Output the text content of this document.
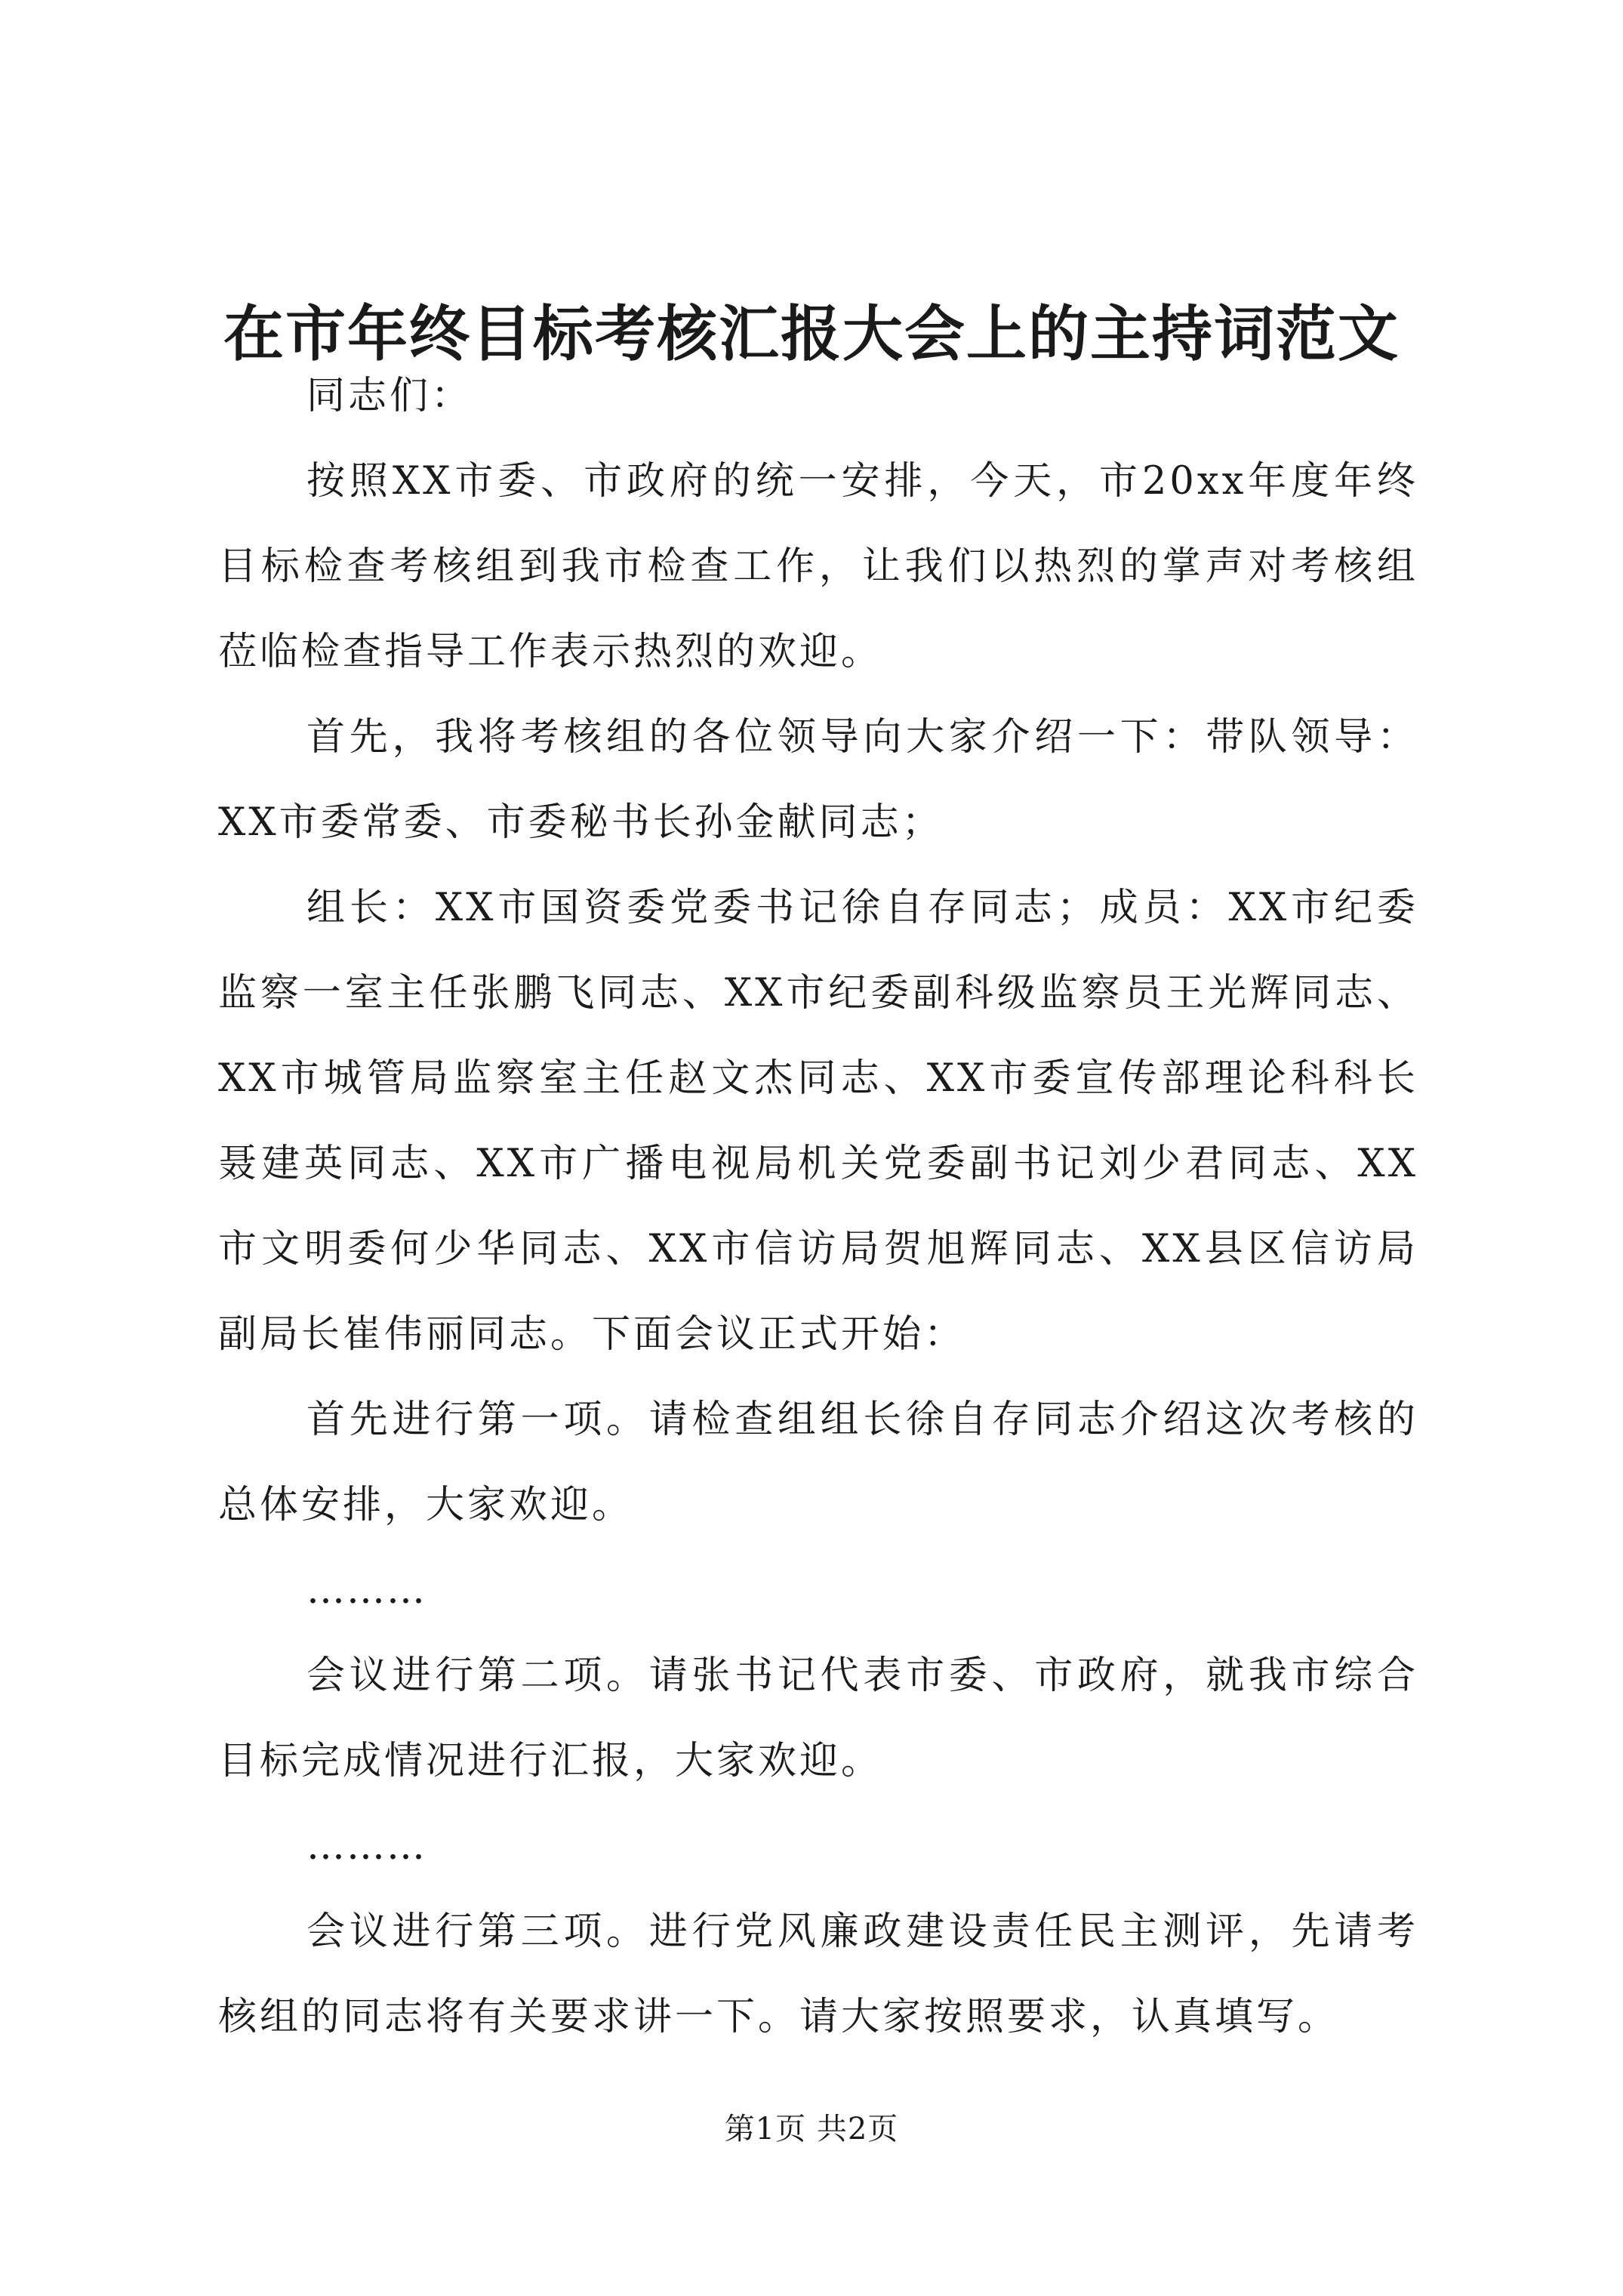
在市年终目标考核汇报大会上的主持词范文

同志们：

按照XX市委、市政府的统一安排，今天，市20xx年度年终目标检查考核组到我市检查工作，让我们以热烈的掌声对考核组莅临检查指导工作表示热烈的欢迎。

首先，我将考核组的各位领导向大家介绍一下：带队领导：XX市委常委、市委秘书长孙金献同志；

组长：XX市国资委党委书记徐自存同志；成员：XX市纪委监察一室主任张鹏飞同志、XX市纪委副科级监察员王光辉同志、XX市城管局监察室主任赵文杰同志、XX市委宣传部理论科科长聂建英同志、XX市广播电视局机关党委副书记刘少君同志、XX市文明委何少华同志、XX市信访局贺旭辉同志、XX县区信访局副局长崔伟丽同志。下面会议正式开始：

首先进行第一项。请检查组组长徐自存同志介绍这次考核的总体安排，大家欢迎。

………

会议进行第二项。请张书记代表市委、市政府，就我市综合目标完成情况进行汇报，大家欢迎。

………

会议进行第三项。进行党风廉政建设责任民主测评，先请考核组的同志将有关要求讲一下。请大家按照要求，认真填写。

第1页 共2页
